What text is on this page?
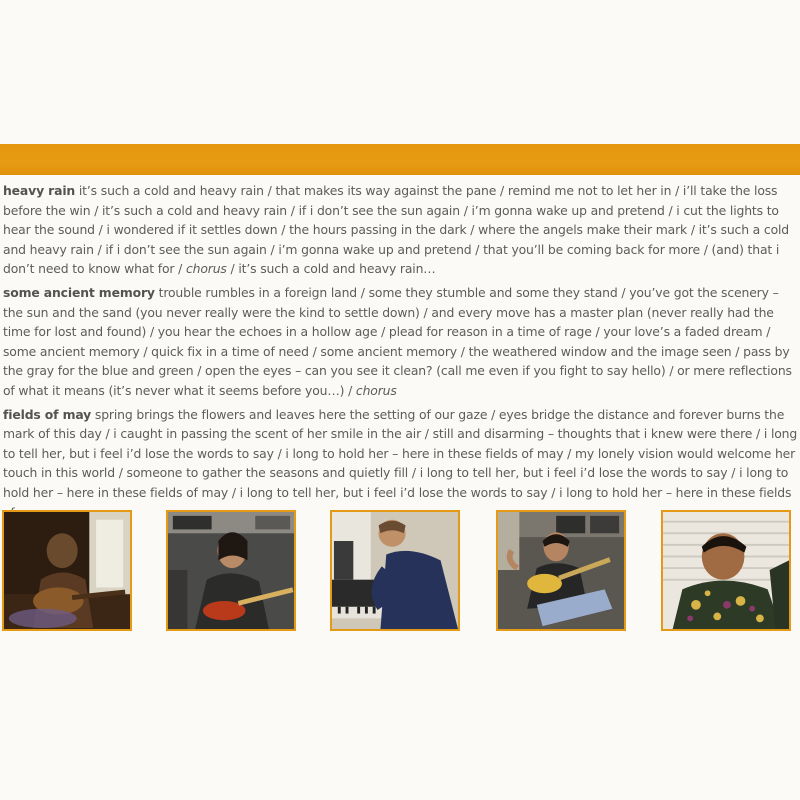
heavy rain it’s such a cold and heavy rain / that makes its way against the pane / remind me not to let her in / i’ll take the loss before the win / it’s such a cold and heavy rain / if i don’t see the sun again / i’m gonna wake up and pretend / i cut the lights to hear the sound / i wondered if it settles down / the hours passing in the dark / where the angels make their mark / it’s such a cold and heavy rain / if i don’t see the sun again / i’m gonna wake up and pretend / that you’ll be coming back for more / (and) that i don’t need to know what for / chorus / it’s such a cold and heavy rain…

some ancient memory trouble rumbles in a foreign land / some they stumble and some they stand / you’ve got the scenery – the sun and the sand (you never really were the kind to settle down) / and every move has a master plan (never really had the time for lost and found) / you hear the echoes in a hollow age / plead for reason in a time of rage / your love’s a faded dream / some ancient memory / quick fix in a time of need / some ancient memory / the weathered window and the image seen / pass by the gray for the blue and green / open the eyes – can you see it clean? (call me even if you fight to say hello) / or mere reflections of what it means (it’s never what it seems before you…) / chorus

fields of may spring brings the flowers and leaves here the setting of our gaze / eyes bridge the distance and forever burns the mark of this day / i caught in passing the scent of her smile in the air / still and disarming – thoughts that i knew were there / i long to tell her, but i feel i’d lose the words to say / i long to hold her – here in these fields of may / my lonely vision would welcome her touch in this world / someone to gather the seasons and quietly fill / i long to tell her, but i feel i’d lose the words to say / i long to hold her – here in these fields of may / i long to tell her, but i feel i’d lose the words to say / i long to hold her – here in these fields
